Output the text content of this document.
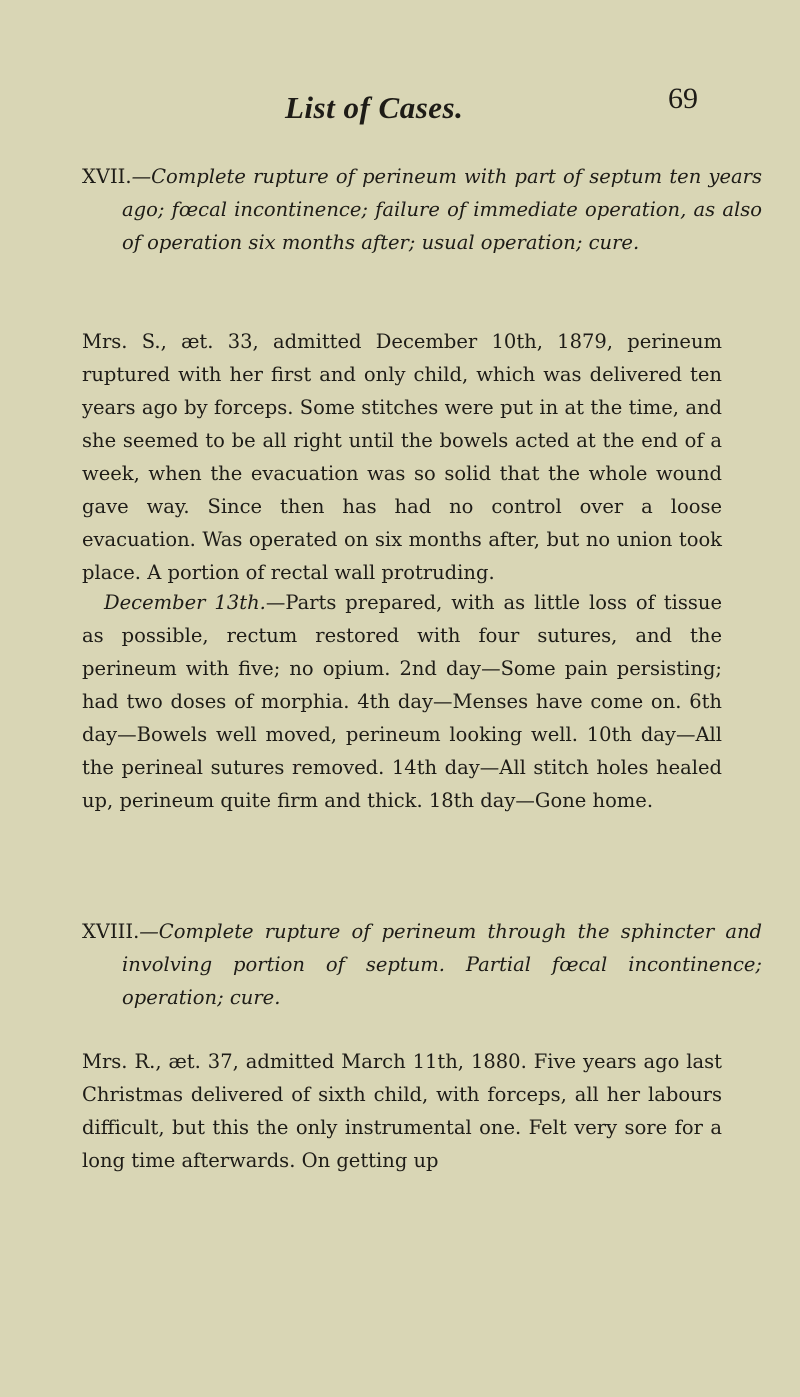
List of Cases.	69
XVII.—Complete rupture of perineum with part of septum ten years ago; fœcal incontinence; failure of immediate operation, as also of operation six months after; usual operation; cure.
Mrs. S., æt. 33, admitted December 10th, 1879, perineum ruptured with her first and only child, which was delivered ten years ago by forceps. Some stitches were put in at the time, and she seemed to be all right until the bowels acted at the end of a week, when the evacuation was so solid that the whole wound gave way. Since then has had no control over a loose evacuation. Was operated on six months after, but no union took place. A portion of rectal wall protruding.
December 13th.—Parts prepared, with as little loss of tissue as possible, rectum restored with four sutures, and the perineum with five; no opium. 2nd day—Some pain persisting; had two doses of morphia. 4th day—Menses have come on. 6th day—Bowels well moved, perineum looking well. 10th day—All the perineal sutures removed. 14th day—All stitch holes healed up, perineum quite firm and thick. 18th day—Gone home.
XVIII.—Complete rupture of perineum through the sphincter and involving portion of septum. Partial fœcal incontinence; operation; cure.
Mrs. R., æt. 37, admitted March 11th, 1880. Five years ago last Christmas delivered of sixth child, with forceps, all her labours difficult, but this the only instrumental one. Felt very sore for a long time afterwards. On getting up
